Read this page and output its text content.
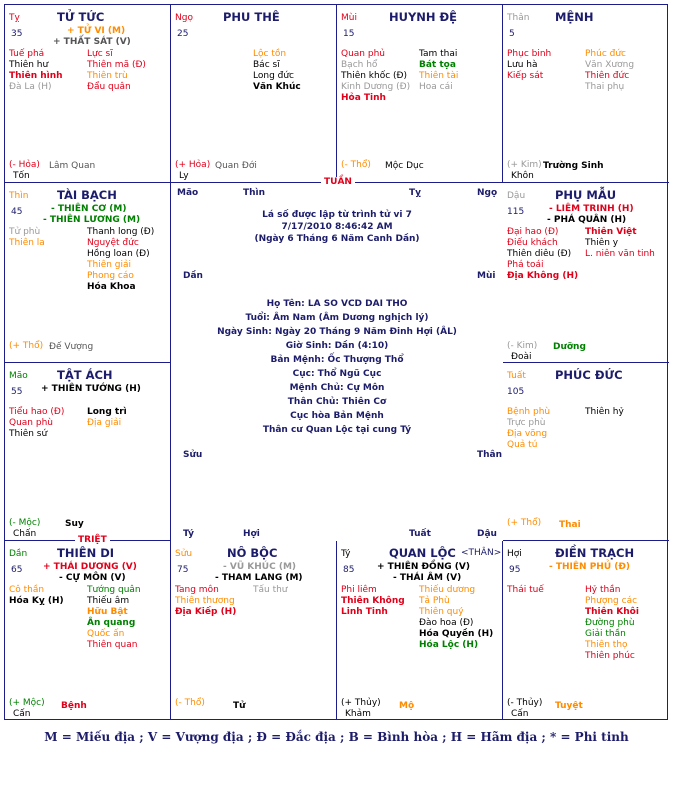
Tỵ	TỬ TỨC
35	+ TỬ VI (M)
+ THẤT SÁT (V)
Tuế phá
Thiên hư
Thiên hình
Đà La (H)
Lực sĩ
Thiên mã (Đ)
Thiên trù
Đẩu quân
(- Hỏa)
Tốn
Lâm Quan
Ngọ	PHU THÊ
25
Lộc tồn
Bác sĩ
Long đức
Văn Khúc
(+ Hỏa)
Ly
Quan Đới
Mùi	HUYNH ĐỆ
15
Quan phủ
Bạch hổ
Thiên khốc (Đ)
Kinh Dương (Đ)
Hỏa Tinh
Tam thai
Bát tọa
Thiên tài
Hoa cái
(- Thổ) Mộc Dục
Thân MỆNH
5
Phục binh
Lưu hà
Kiếp sát
Phúc đức
Văn Xương
Thiên đức
Thai phụ
(+ Kim)
Khôn
Trường Sinh
Thìn TÀI BẠCH
45	- THIÊN CƠ (M)
- THIÊN LƯƠNG (M)
Tử phù
Thiên la
Thanh long (Đ)
Nguyệt đức
Hồng loan (Đ)
Thiên giải
Phong cáo
Hóa Khoa
(+ Thổ) Đế Vượng
Dậu	PHỤ MẪU
115	- LIÊM TRINH (H)
- PHÁ QUÂN (H)
Đại hao (Đ)
Điếu khách
Thiên diêu (Đ)
Phá toái
Địa Không (H)
Thiên Việt
Thiên y
L. niên văn tinh
(- Kim)
Đoài
Dưỡng
Mão	TẬT ÁCH
55 + THIÊN TƯỚNG (H)
Tiểu hao (Đ)
Quan phù
Thiên sứ
Long trì
Địa giải
(- Mộc)
Chấn
Suy
Tuất	PHÚC ĐỨC
105
Bệnh phù
Trực phù
Địa võng
Quả tú
Thiên hỷ
(+ Thổ) Thai
Dần	THIÊN DI
65 + THÁI DƯƠNG (V)
- CỰ MÔN (V)
Cô thần
Hóa Kỵ (H)
Tướng quân
Thiếu âm
Hữu Bật
Ân quang
Quốc ấn
Thiên quan
(+ Mộc)
Cấn
Bệnh
Sửu	NÔ BỘC
75	- VŨ KHÚC (M)
- THAM LANG (M)
Tang môn
Thiên thương
Địa Kiếp (H)
Tấu thư
(- Thổ)	Tử
Tý	QUAN LỘC <THÂN>
85	+ THIÊN ĐỒNG (V)
- THÁI ÂM (V)
Phi liêm
Thiên Không
Linh Tinh
Thiếu dương
Tả Phù
Thiên quý
Đào hoa (Đ)
Hóa Quyền (H)
Hóa Lộc (H)
(+ Thủy)
Khảm
Mộ
Hợi	ĐIỀN TRẠCH
95	- THIÊN PHỦ (Đ)
Thái tuế	Hỷ thần
Phượng các
Thiên Khôi
Đường phù
Giải thần
Thiên thọ
Thiên phúc
(- Thủy)
Cấn
Tuyệt
Mão	Thìn	Tỵ	Ngọ
Dần	Mùi
Sửu	Thân
Tý	Hợi	Tuất	Dậu
Lá số được lập từ trình tử vi 7
7/17/2010 8:46:42 AM
(Ngày 6 Tháng 6 Năm Canh Dần)
Họ Tên: LA SO VCD DAI THO
Tuổi: Âm Nam (Âm Dương nghịch lý)
Ngày Sinh: Ngày 20 Tháng 9 Năm Đinh Hợi (ÂL)
Giờ Sinh: Dần (4:10)
Bản Mệnh: Ốc Thượng Thổ
Cục: Thổ Ngũ Cục
Mệnh Chủ: Cự Môn
Thân Chủ: Thiên Cơ
Cục hòa Bản Mệnh
Thân cư Quan Lộc tại cung Tý
TUẦN
TRIỆT
M = Miếu địa ; V = Vượng địa ; Đ = Đắc địa ; B = Bình hòa ; H = Hãm địa ; * = Phi tinh
